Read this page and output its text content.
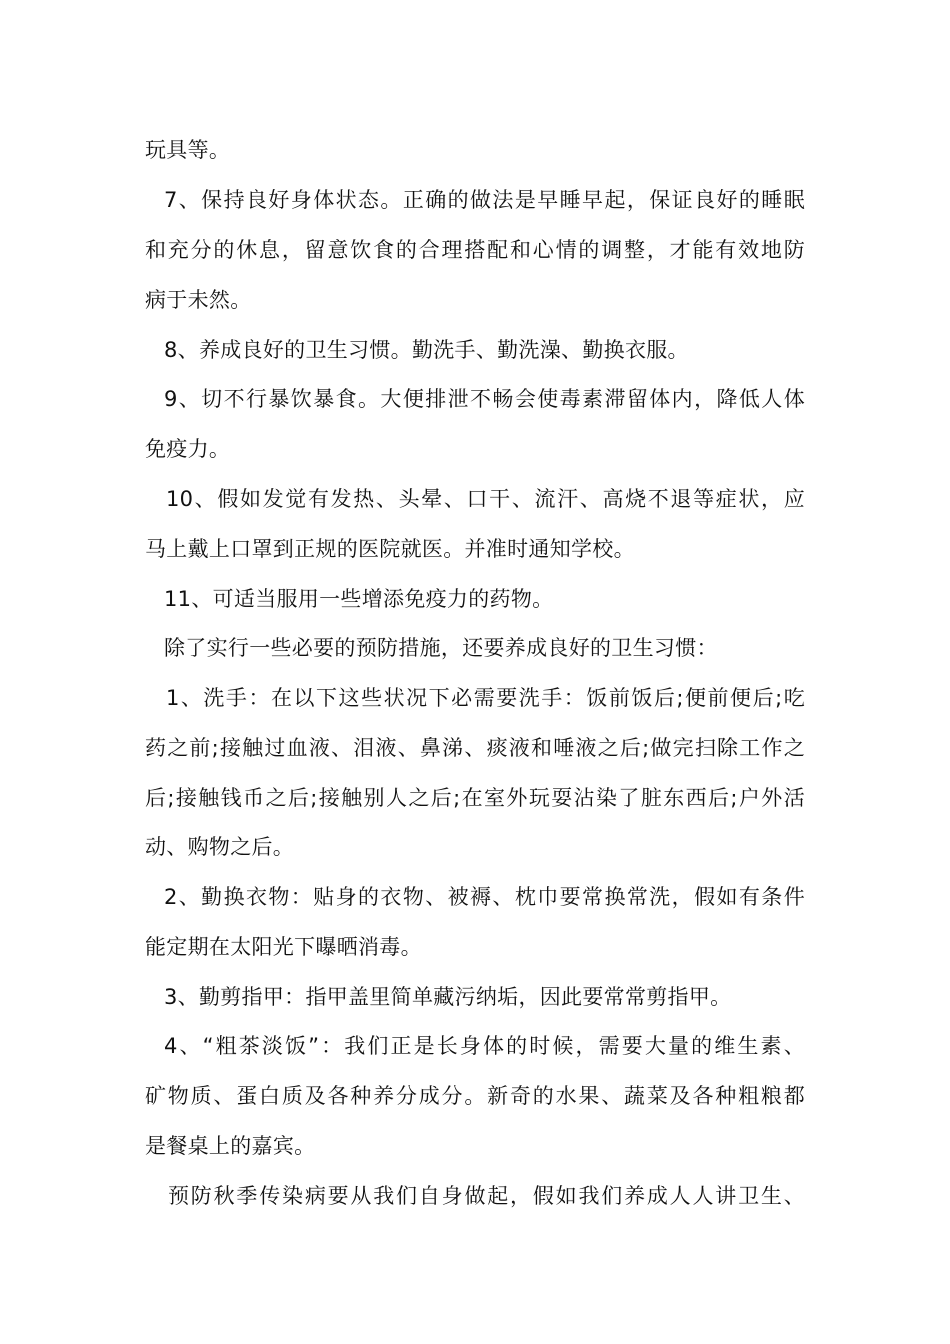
玩具等。
7、保持良好身体状态。正确的做法是早睡早起，保证良好的睡眠
和充分的休息，留意饮食的合理搭配和心情的调整，才能有效地防
病于未然。
8、养成良好的卫生习惯。勤洗手、勤洗澡、勤换衣服。
9、切不行暴饮暴食。大便排泄不畅会使毒素滞留体内，降低人体
免疫力。
10、假如发觉有发热、头晕、口干、流汗、高烧不退等症状，应
马上戴上口罩到正规的医院就医。并准时通知学校。
11、可适当服用一些增添免疫力的药物。
除了实行一些必要的预防措施，还要养成良好的卫生习惯：
1、洗手：在以下这些状况下必需要洗手：饭前饭后;便前便后;吃
药之前;接触过血液、泪液、鼻涕、痰液和唾液之后;做完扫除工作之
后;接触钱币之后;接触别人之后;在室外玩耍沾染了脏东西后;户外活
动、购物之后。
2、勤换衣物：贴身的衣物、被褥、枕巾要常换常洗，假如有条件
能定期在太阳光下曝晒消毒。
3、勤剪指甲：指甲盖里简单藏污纳垢，因此要常常剪指甲。
4、“粗茶淡饭”：我们正是长身体的时候，需要大量的维生素、
矿物质、蛋白质及各种养分成分。新奇的水果、蔬菜及各种粗粮都
是餐桌上的嘉宾。
预防秋季传染病要从我们自身做起，假如我们养成人人讲卫生、
